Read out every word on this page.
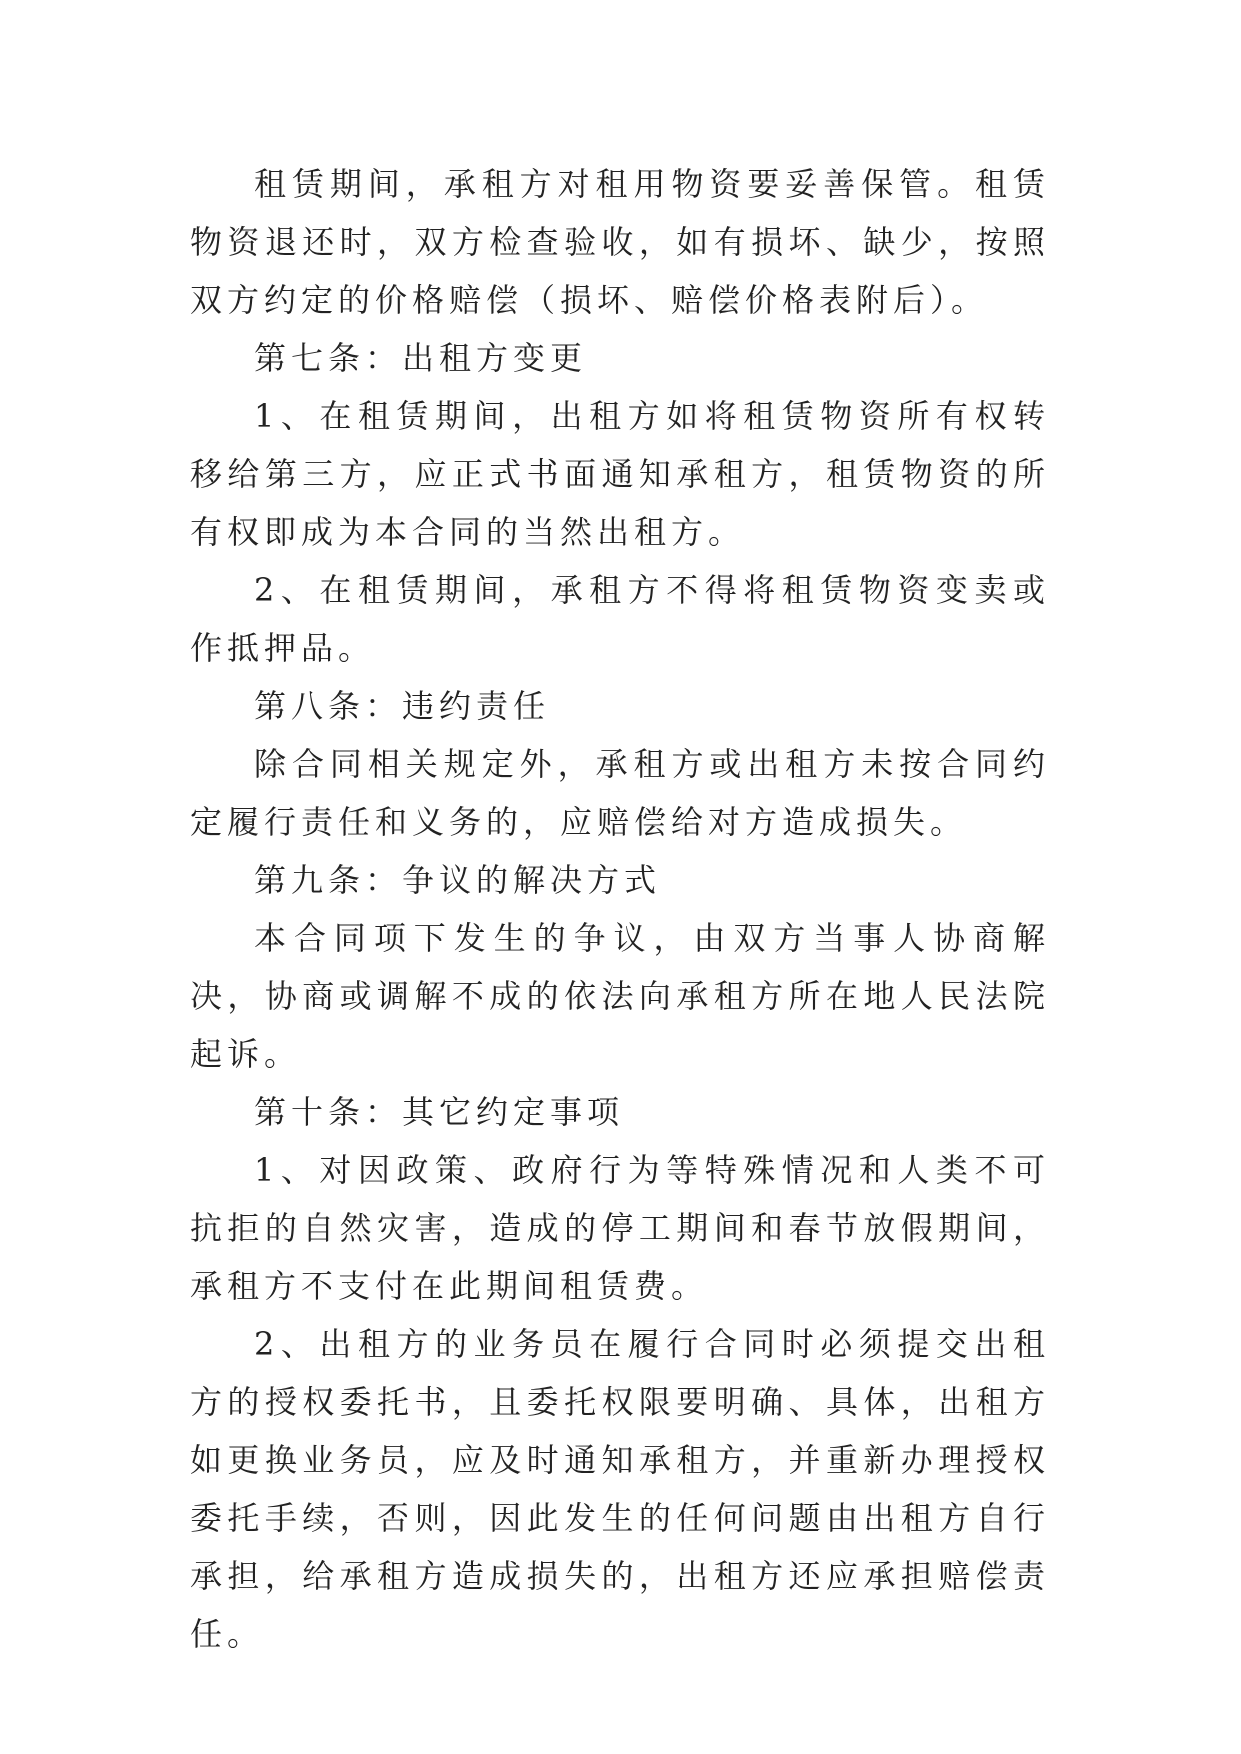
租赁期间，承租方对租用物资要妥善保管。租赁物资退还时，双方检查验收，如有损坏、缺少，按照双方约定的价格赔偿（损坏、赔偿价格表附后）。

第七条：出租方变更

1、在租赁期间，出租方如将租赁物资所有权转移给第三方，应正式书面通知承租方，租赁物资的所有权即成为本合同的当然出租方。

2、在租赁期间，承租方不得将租赁物资变卖或作抵押品。

第八条：违约责任

除合同相关规定外，承租方或出租方未按合同约定履行责任和义务的，应赔偿给对方造成损失。

第九条：争议的解决方式

本合同项下发生的争议，由双方当事人协商解决，协商或调解不成的依法向承租方所在地人民法院起诉。

第十条：其它约定事项

1、对因政策、政府行为等特殊情况和人类不可抗拒的自然灾害，造成的停工期间和春节放假期间，承租方不支付在此期间租赁费。

2、出租方的业务员在履行合同时必须提交出租方的授权委托书，且委托权限要明确、具体，出租方如更换业务员，应及时通知承租方，并重新办理授权委托手续，否则，因此发生的任何问题由出租方自行承担，给承租方造成损失的，出租方还应承担赔偿责任。
